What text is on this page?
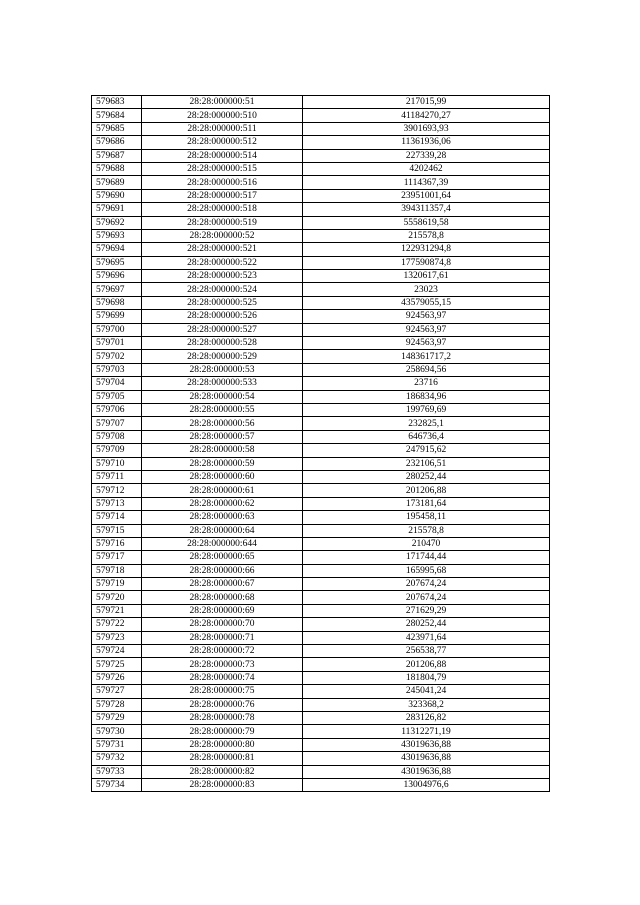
579683	28:28:000000:51	217015,99
579684	28:28:000000:510	41184270,27
579685	28:28:000000:511	3901693,93
579686	28:28:000000:512	11361936,06
579687	28:28:000000:514	227339,28
579688	28:28:000000:515	4202462
579689	28:28:000000:516	1114367,39
579690	28:28:000000:517	23951001,64
579691	28:28:000000:518	394311357,4
579692	28:28:000000:519	5558619,58
579693	28:28:000000:52	215578,8
579694	28:28:000000:521	122931294,8
579695	28:28:000000:522	177590874,8
579696	28:28:000000:523	1320617,61
579697	28:28:000000:524	23023
579698	28:28:000000:525	43579055,15
579699	28:28:000000:526	924563,97
579700	28:28:000000:527	924563,97
579701	28:28:000000:528	924563,97
579702	28:28:000000:529	148361717,2
579703	28:28:000000:53	258694,56
579704	28:28:000000:533	23716
579705	28:28:000000:54	186834,96
579706	28:28:000000:55	199769,69
579707	28:28:000000:56	232825,1
579708	28:28:000000:57	646736,4
579709	28:28:000000:58	247915,62
579710	28:28:000000:59	232106,51
579711	28:28:000000:60	280252,44
579712	28:28:000000:61	201206,88
579713	28:28:000000:62	173181,64
579714	28:28:000000:63	195458,11
579715	28:28:000000:64	215578,8
579716	28:28:000000:644	210470
579717	28:28:000000:65	171744,44
579718	28:28:000000:66	165995,68
579719	28:28:000000:67	207674,24
579720	28:28:000000:68	207674,24
579721	28:28:000000:69	271629,29
579722	28:28:000000:70	280252,44
579723	28:28:000000:71	423971,64
579724	28:28:000000:72	256538,77
579725	28:28:000000:73	201206,88
579726	28:28:000000:74	181804,79
579727	28:28:000000:75	245041,24
579728	28:28:000000:76	323368,2
579729	28:28:000000:78	283126,82
579730	28:28:000000:79	11312271,19
579731	28:28:000000:80	43019636,88
579732	28:28:000000:81	43019636,88
579733	28:28:000000:82	43019636,88
579734	28:28:000000:83	13004976,6
